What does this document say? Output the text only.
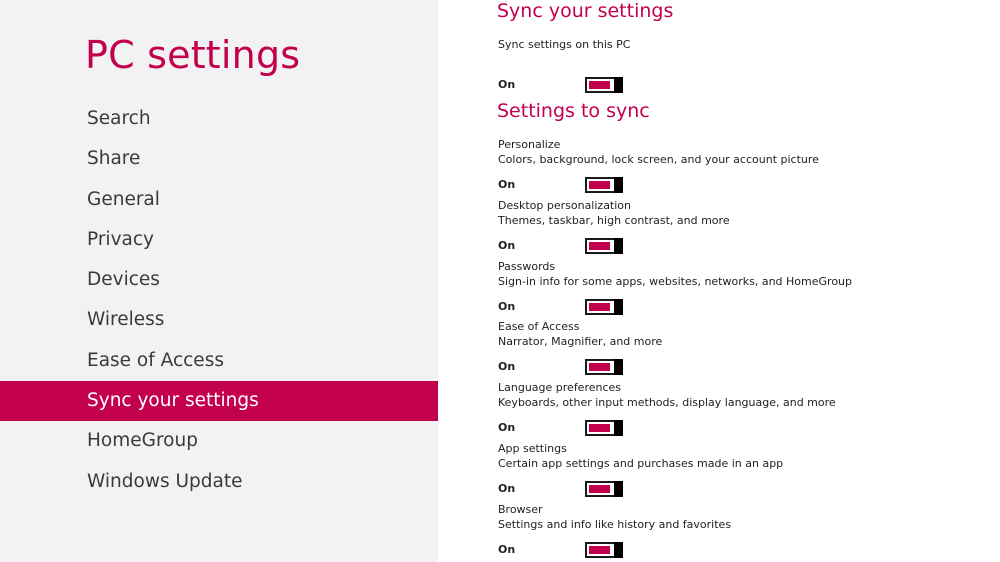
PC settings
Search
Share
General
Privacy
Devices
Wireless
Ease of Access
Sync your settings
HomeGroup
Windows Update
Sync your settings
Sync settings on this PC
On
Settings to sync
Personalize
Colors, background, lock screen, and your account picture
On
Desktop personalization
Themes, taskbar, high contrast, and more
On
Passwords
Sign-in info for some apps, websites, networks, and HomeGroup
On
Ease of Access
Narrator, Magnifier, and more
On
Language preferences
Keyboards, other input methods, display language, and more
On
App settings
Certain app settings and purchases made in an app
On
Browser
Settings and info like history and favorites
On
